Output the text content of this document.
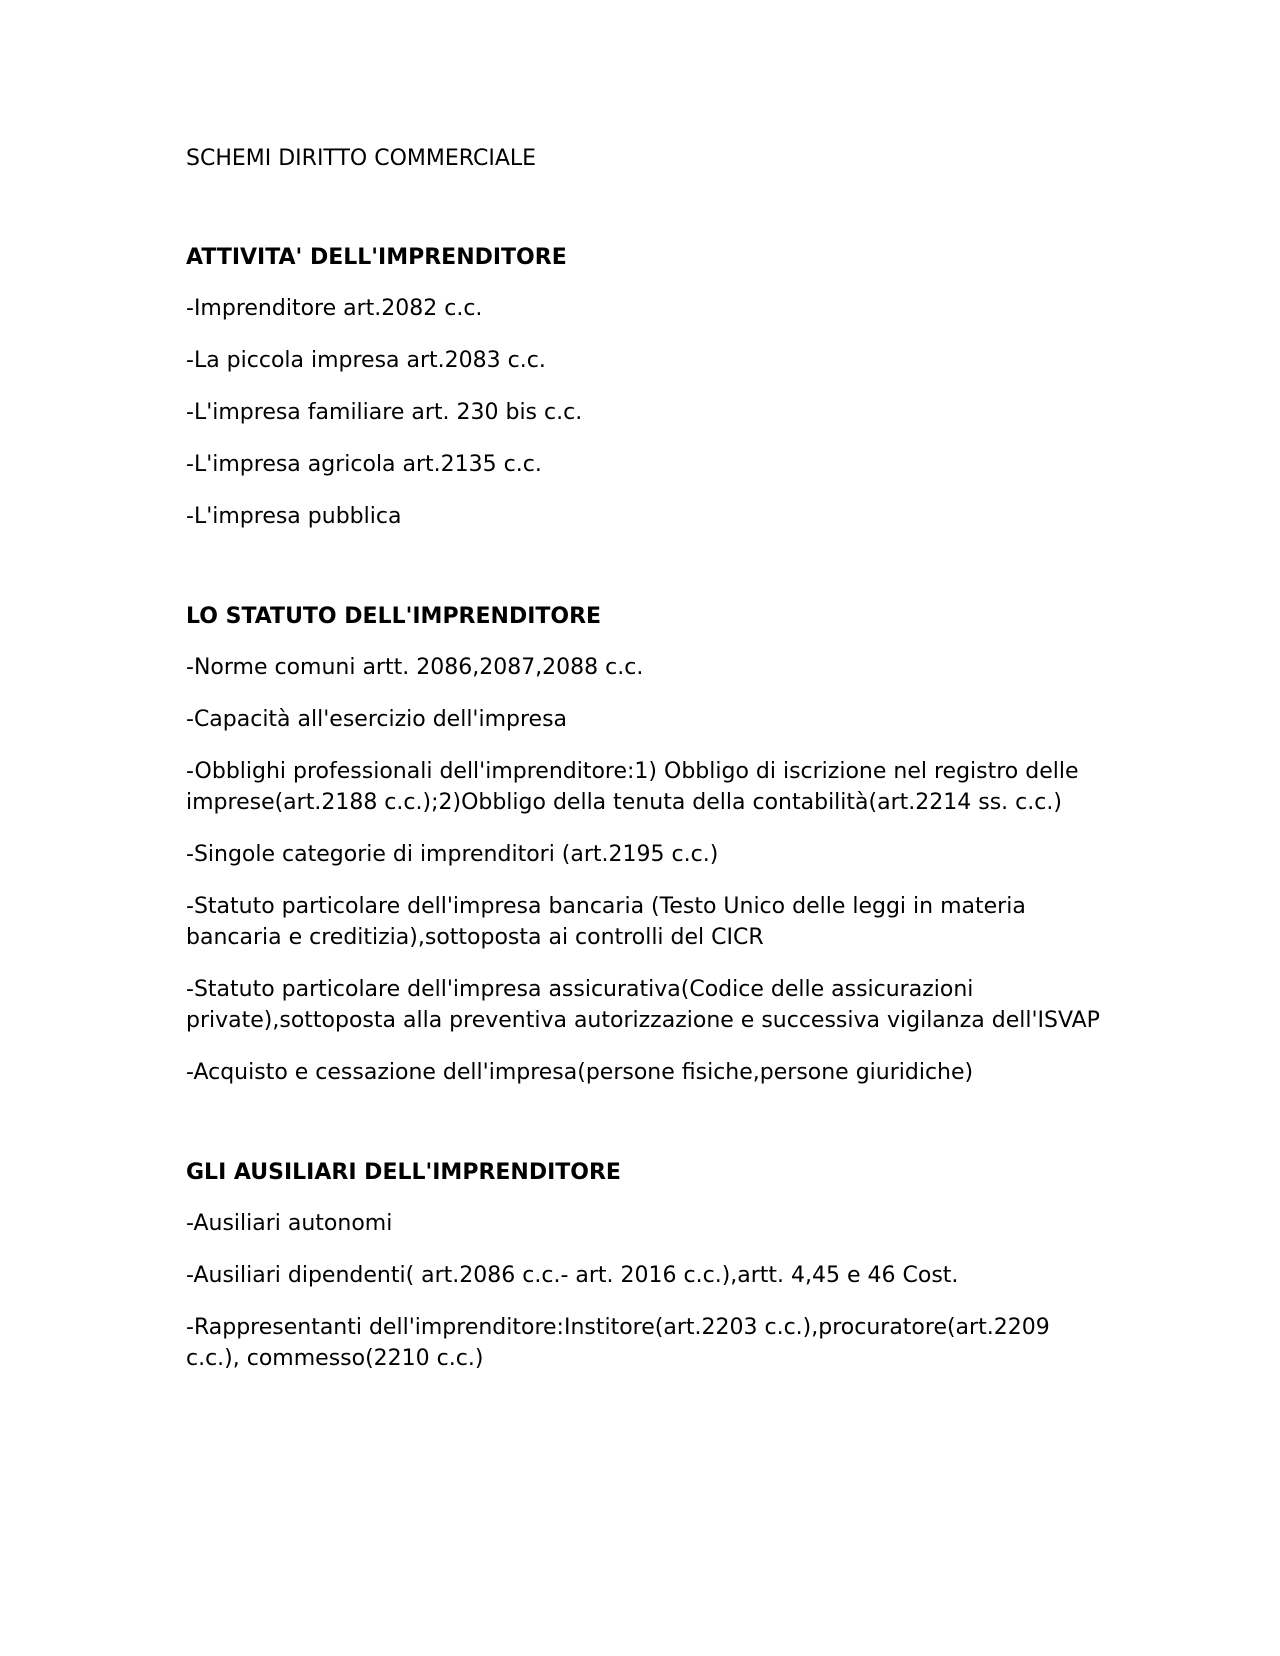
SCHEMI DIRITTO COMMERCIALE
ATTIVITA' DELL'IMPRENDITORE

-Imprenditore art.2082 c.c.

-La piccola impresa art.2083 c.c.

-L'impresa familiare art. 230 bis c.c.

-L'impresa agricola art.2135 c.c.

-L'impresa pubblica

LO STATUTO DELL'IMPRENDITORE

-Norme comuni artt. 2086,2087,2088 c.c.

-Capacità all'esercizio dell'impresa

-Obblighi professionali dell'imprenditore:1) Obbligo di iscrizione nel registro delle imprese(art.2188 c.c.);2)Obbligo della tenuta della contabilità(art.2214 ss. c.c.)

-Singole categorie di imprenditori (art.2195 c.c.)

-Statuto particolare dell'impresa bancaria (Testo Unico delle leggi in materia bancaria e creditizia),sottoposta ai controlli del CICR

-Statuto particolare dell'impresa assicurativa(Codice delle assicurazioni private),sottoposta alla preventiva autorizzazione e successiva vigilanza dell'ISVAP

-Acquisto e cessazione dell'impresa(persone fisiche,persone giuridiche)

GLI AUSILIARI DELL'IMPRENDITORE

-Ausiliari autonomi

-Ausiliari dipendenti( art.2086 c.c.- art. 2016 c.c.),artt. 4,45 e 46 Cost.

-Rappresentanti dell'imprenditore:Institore(art.2203 c.c.),procuratore(art.2209 c.c.), commesso(2210 c.c.)
